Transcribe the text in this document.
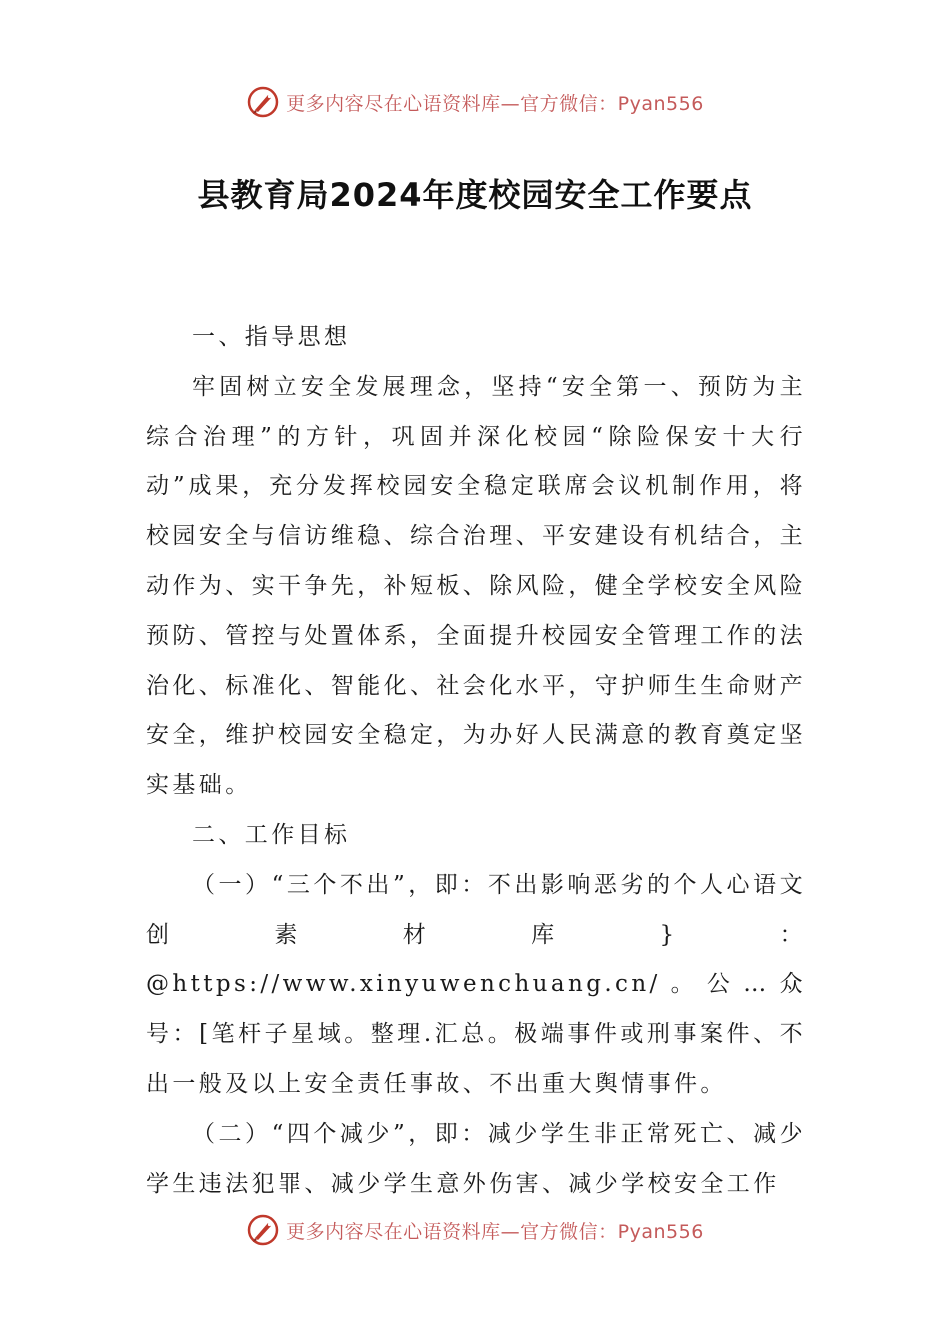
更多内容尽在心语资料库—官方微信：Pyan556
县教育局2024年度校园安全工作要点

一、指导思想

牢固树立安全发展理念，坚持“安全第一、预防为主综合治理”的方针，巩固并深化校园“除险保安十大行动”成果，充分发挥校园安全稳定联席会议机制作用，将校园安全与信访维稳、综合治理、平安建设有机结合，主动作为、实干争先，补短板、除风险，健全学校安全风险预防、管控与处置体系，全面提升校园安全管理工作的法治化、标准化、智能化、社会化水平，守护师生生命财产安全，维护校园安全稳定，为办好人民满意的教育奠定坚实基础。

二、工作目标

（一）“三个不出”，即：不出影响恶劣的个人心语文创素材库}：@https://www.xinyuwenchuang.cn/。公…众号：[笔杆子星域。整理.汇总。极端事件或刑事案件、不出一般及以上安全责任事故、不出重大舆情事件。

（二）“四个减少”，即：减少学生非正常死亡、减少学生违法犯罪、减少学生意外伤害、减少学校安全工作

更多内容尽在心语资料库—官方微信：Pyan556
